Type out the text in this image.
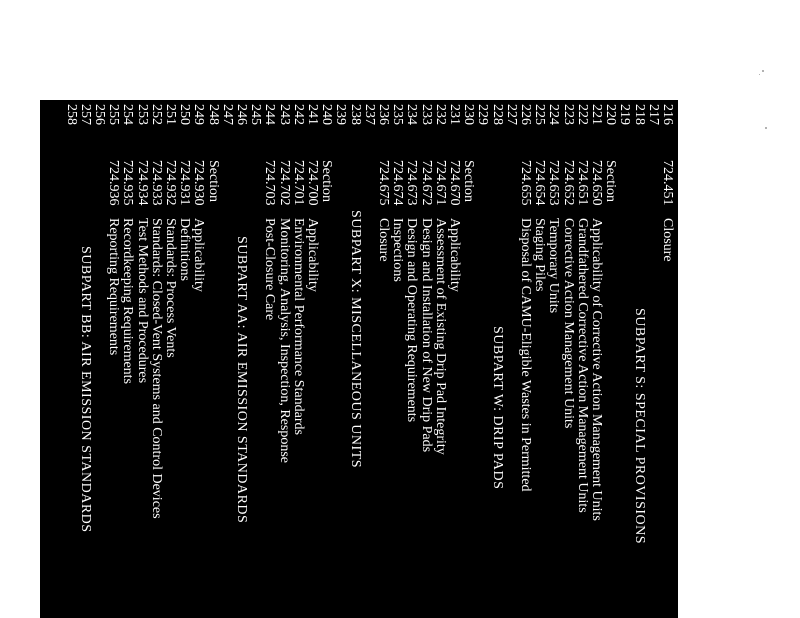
216
724.451
Closure
217
218
SUBPART S: SPECIAL PROVISIONS
219
220
Section
221
724.650
Applicability of Corrective Action Management Units
222
724.651
Grandfathered Corrective Action Management Units
223
724.652
Corrective Action Management Units
224
724.653
Temporary Units
225
724.654
Staging Piles
226
724.655
Disposal of CAMU-Eligible Wastes in Permitted
227
228
SUBPART W: DRIP PADS
229
230
Section
231
724.670
Applicability
232
724.671
Assessment of Existing Drip Pad Integrity
233
724.672
Design and Installation of New Drip Pads
234
724.673
Design and Operating Requirements
235
724.674
Inspections
236
724.675
Closure
237
238
SUBPART X: MISCELLANEOUS UNITS
239
240
Section
241
724.700
Applicability
242
724.701
Environmental Performance Standards
243
724.702
Monitoring, Analysis, Inspection, Response
244
724.703
Post-Closure Care
245
246
SUBPART AA: AIR EMISSION STANDARDS
247
248
Section
249
724.930
Applicability
250
724.931
Definitions
251
724.932
Standards: Process Vents
252
724.933
Standards: Closed-Vent Systems and Control Devices
253
724.934
Test Methods and Procedures
254
724.935
Recordkeeping Requirements
255
724.936
Reporting Requirements
256
257
SUBPART BB: AIR EMISSION STANDARDS
258
